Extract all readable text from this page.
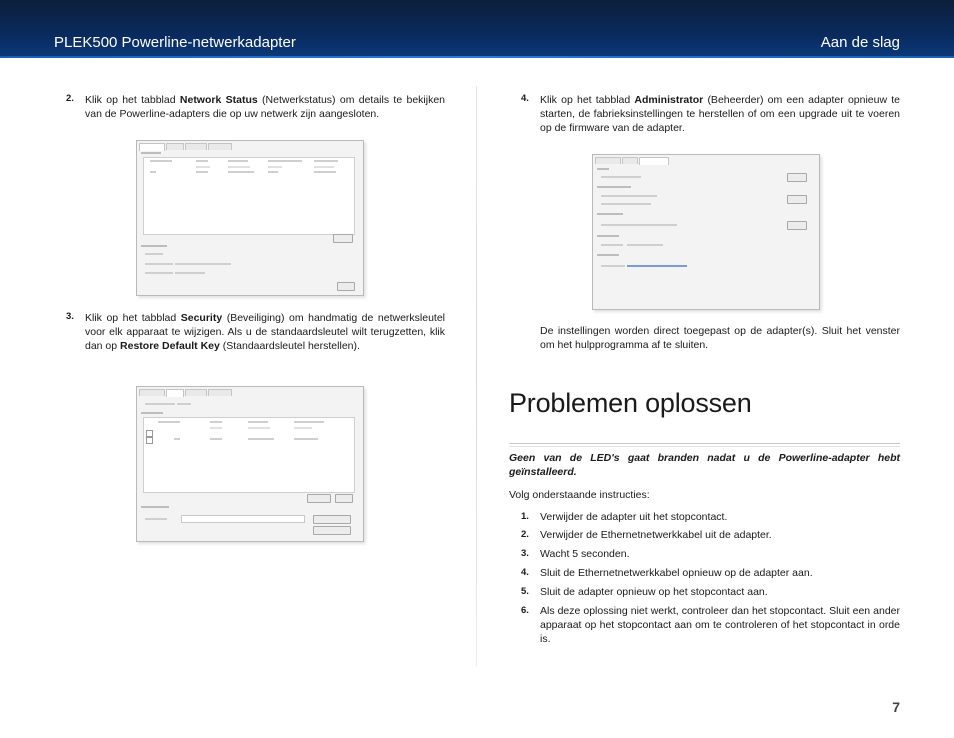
PLEK500 Powerline-netwerkadapter	Aan de slag
2. Klik op het tabblad Network Status (Netwerkstatus) om details te bekijken van de Powerline-adapters die op uw netwerk zijn aangesloten.
3. Klik op het tabblad Security (Beveiliging) om handmatig de netwerksleutel voor elk apparaat te wijzigen. Als u de standaardsleutel wilt terugzetten, klik dan op Restore Default Key (Standaardsleutel herstellen).
4. Klik op het tabblad Administrator (Beheerder) om een adapter opnieuw te starten, de fabrieksinstellingen te herstellen of om een upgrade uit te voeren op de firmware van de adapter.
De instellingen worden direct toegepast op de adapter(s). Sluit het venster om het hulpprogramma af te sluiten.
Problemen oplossen
Geen van de LED's gaat branden nadat u de Powerline-adapter hebt geïnstalleerd.
Volg onderstaande instructies:
1. Verwijder de adapter uit het stopcontact.
2. Verwijder de Ethernetnetwerkkabel uit de adapter.
3. Wacht 5 seconden.
4. Sluit de Ethernetnetwerkkabel opnieuw op de adapter aan.
5. Sluit de adapter opnieuw op het stopcontact aan.
6. Als deze oplossing niet werkt, controleer dan het stopcontact. Sluit een ander apparaat op het stopcontact aan om te controleren of het stopcontact in orde is.
7
